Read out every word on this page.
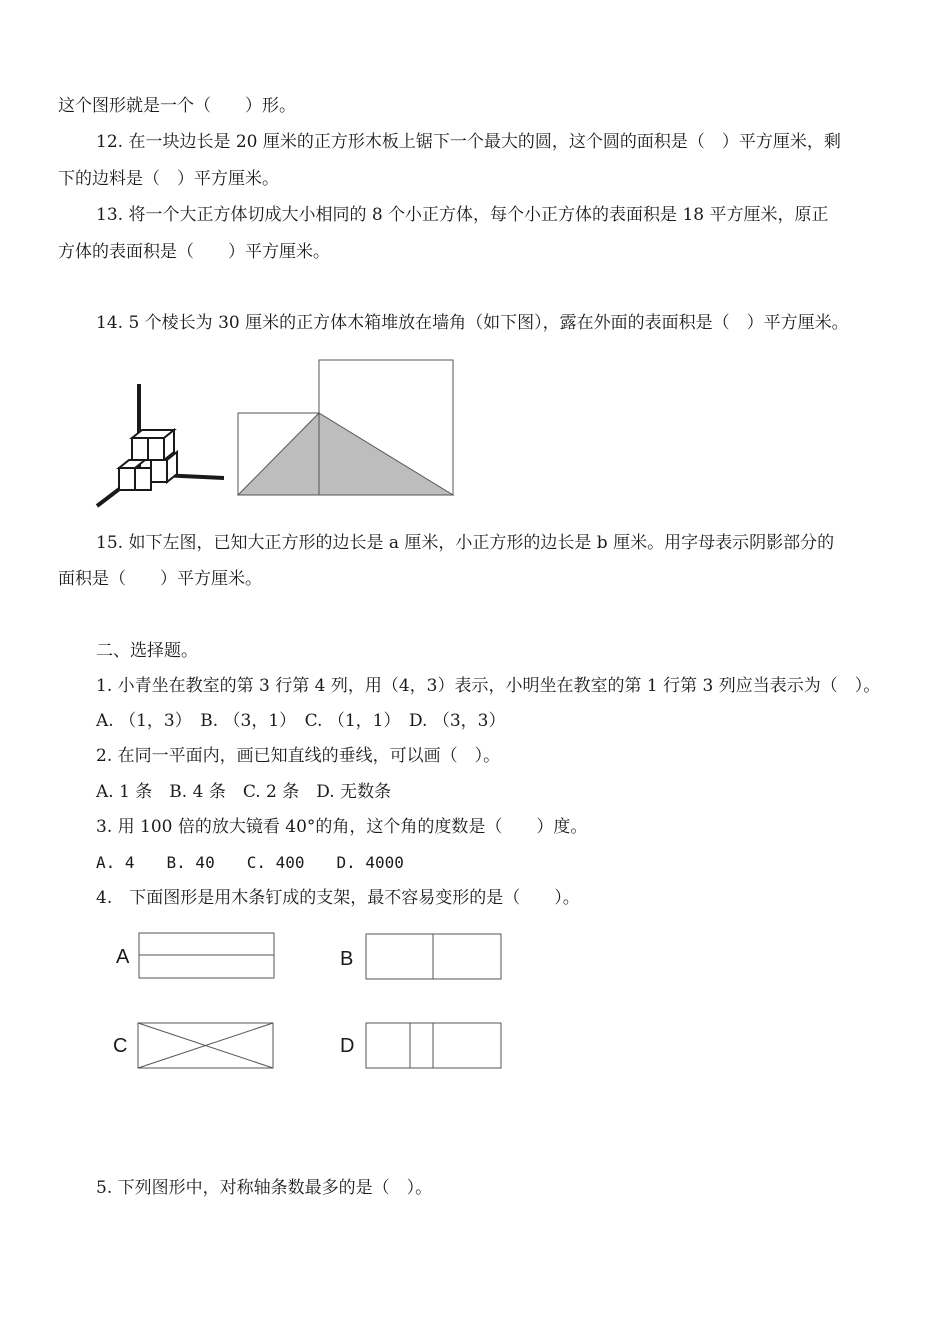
这个图形就是一个（　　）形。
12. 在一块边长是 20 厘米的正方形木板上锯下一个最大的圆，这个圆的面积是（　）平方厘米，剩
下的边料是（　）平方厘米。
13. 将一个大正方体切成大小相同的 8 个小正方体，每个小正方体的表面积是 18 平方厘米，原正
方体的表面积是（　　）平方厘米。
14. 5 个棱长为 30 厘米的正方体木箱堆放在墙角（如下图），露在外面的表面积是（　）平方厘米。
15. 如下左图，已知大正方形的边长是 a 厘米，小正方形的边长是 b 厘米。用字母表示阴影部分的
面积是（　　）平方厘米。
二、选择题。
1. 小青坐在教室的第 3 行第 4 列，用（4，3）表示，小明坐在教室的第 1 行第 3 列应当表示为（　）。
A. （1，3）　B. （3，1）　C. （1，1）　D. （3，3）
2. 在同一平面内，画已知直线的垂线，可以画（　）。
A. 1 条　B. 4 条　C. 2 条　D. 无数条
3. 用 100 倍的放大镜看 40°的角，这个角的度数是（　　）度。
A. 4　　B. 40　　C. 400　　D. 4000
4.　下面图形是用木条钉成的支架，最不容易变形的是（　　）。
A	B
C	D
5. 下列图形中，对称轴条数最多的是（　）。
